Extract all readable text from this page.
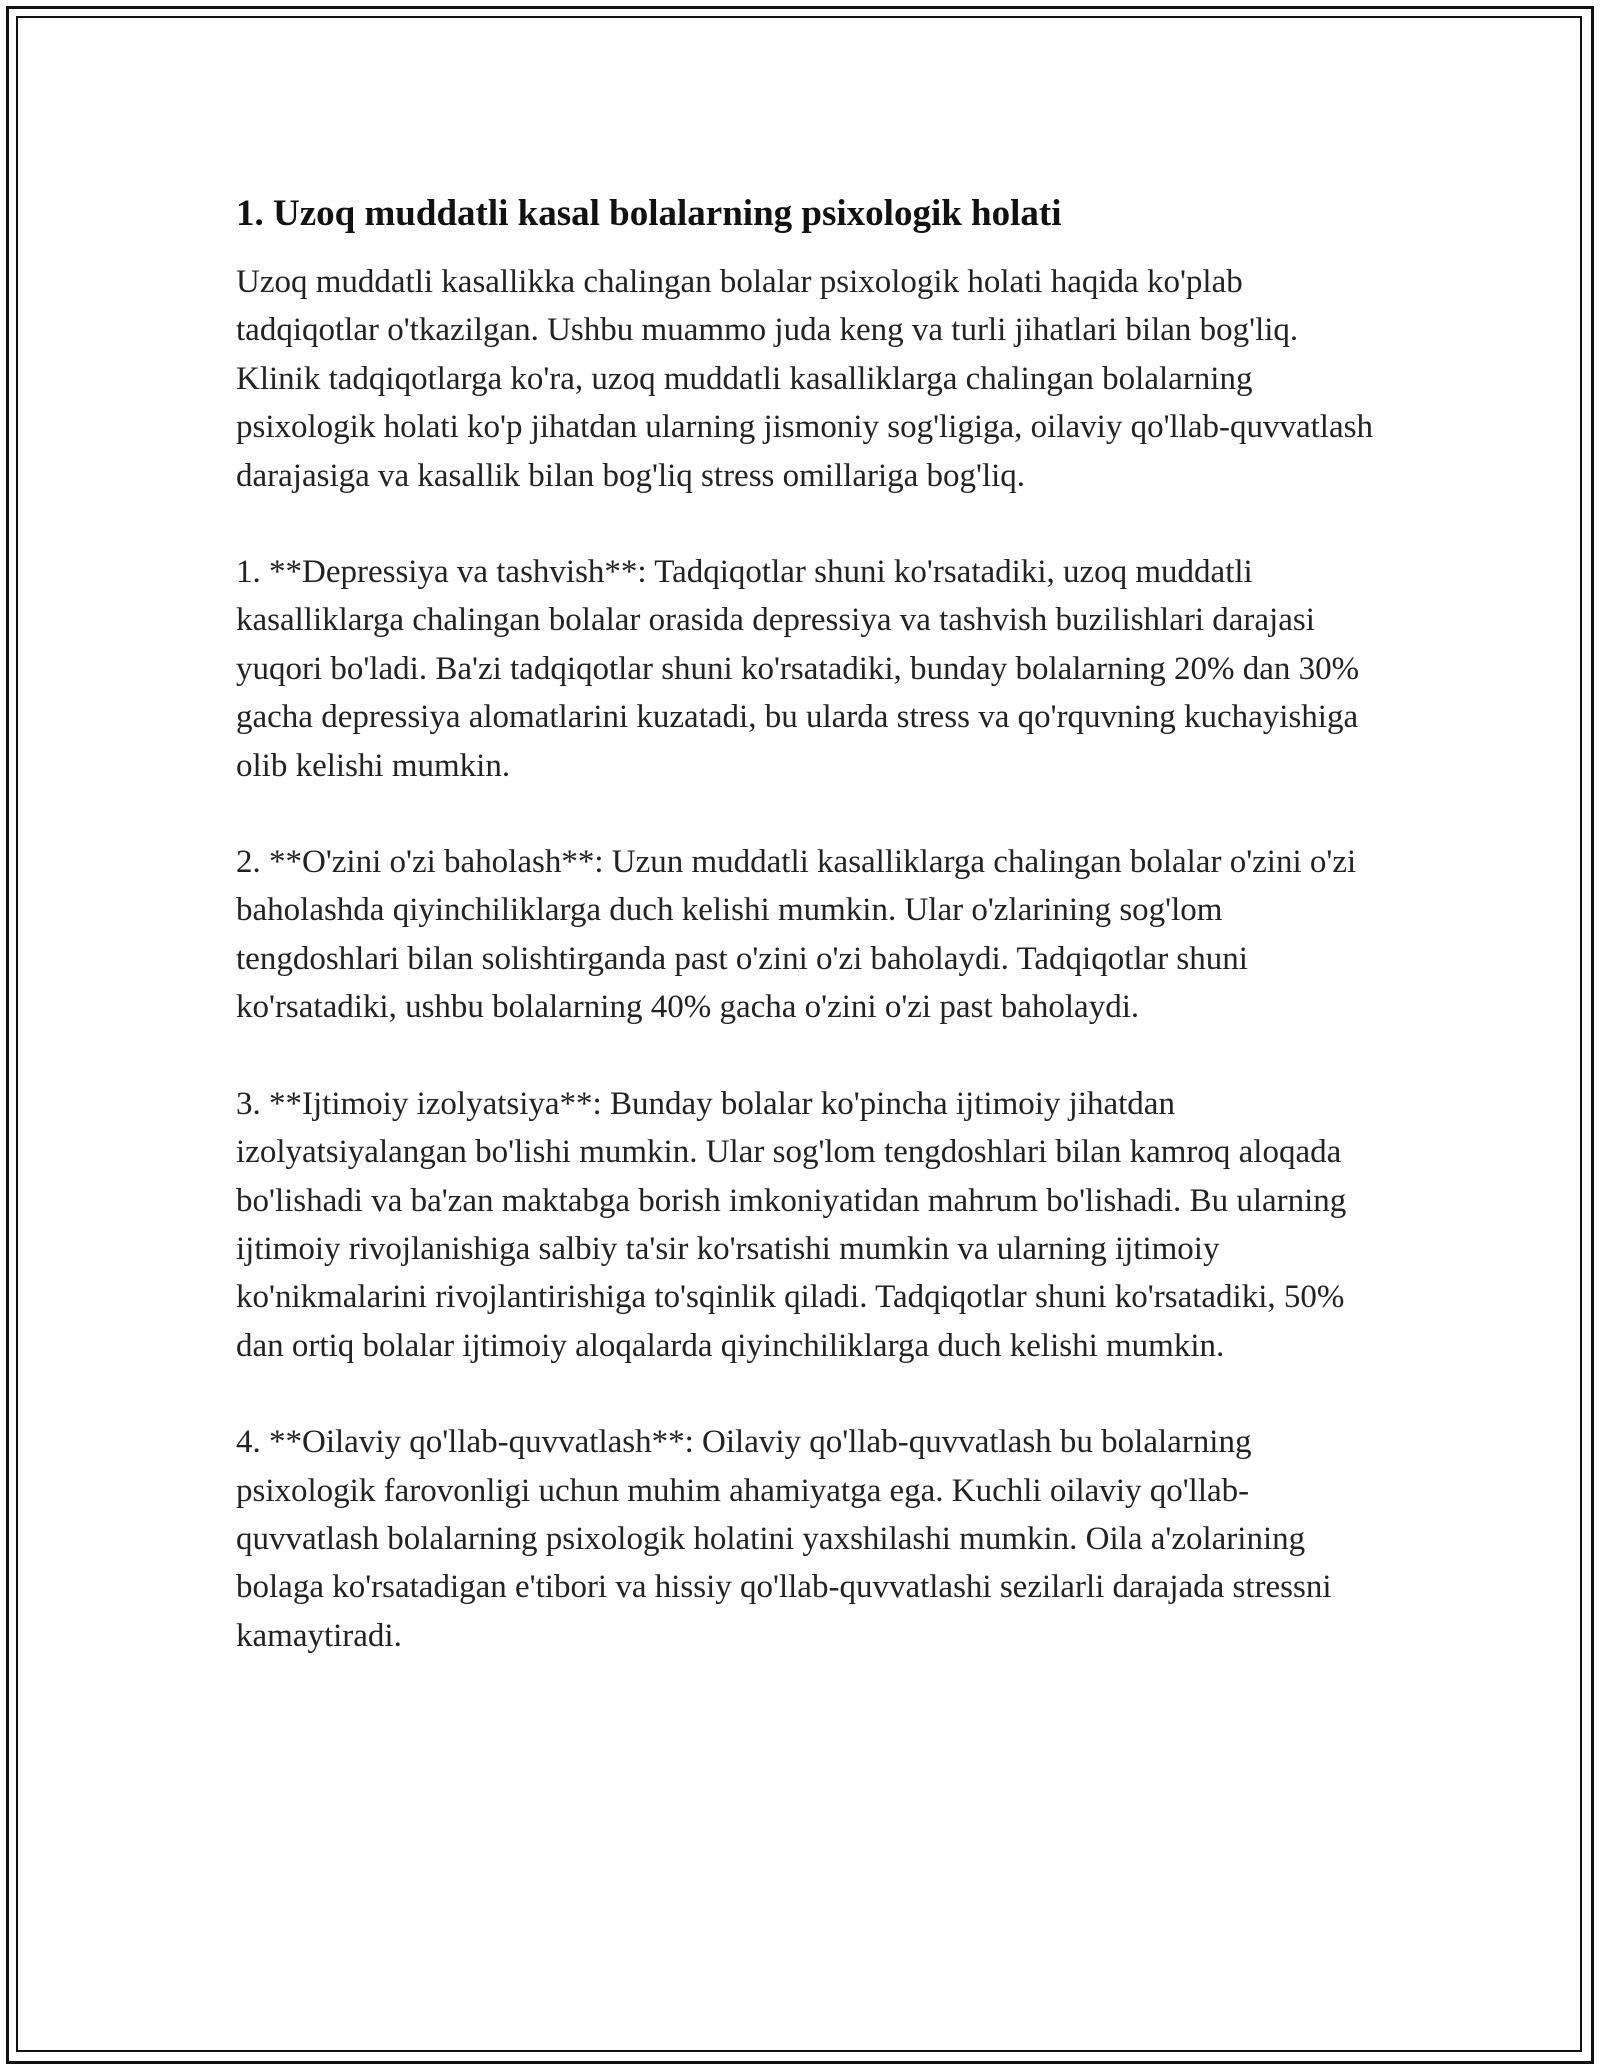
1. Uzoq muddatli kasal bolalarning psixologik holati

Uzoq muddatli kasallikka chalingan bolalar psixologik holati haqida ko'plab tadqiqotlar o'tkazilgan. Ushbu muammo juda keng va turli jihatlari bilan bog'liq. Klinik tadqiqotlarga ko'ra, uzoq muddatli kasalliklarga chalingan bolalarning psixologik holati ko'p jihatdan ularning jismoniy sog'ligiga, oilaviy qo'llab-quvvatlash darajasiga va kasallik bilan bog'liq stress omillariga bog'liq.

1. **Depressiya va tashvish**: Tadqiqotlar shuni ko'rsatadiki, uzoq muddatli kasalliklarga chalingan bolalar orasida depressiya va tashvish buzilishlari darajasi yuqori bo'ladi. Ba'zi tadqiqotlar shuni ko'rsatadiki, bunday bolalarning 20% dan 30% gacha depressiya alomatlarini kuzatadi, bu ularda stress va qo'rquvning kuchayishiga olib kelishi mumkin.

2. **O'zini o'zi baholash**: Uzun muddatli kasalliklarga chalingan bolalar o'zini o'zi baholashda qiyinchiliklarga duch kelishi mumkin. Ular o'zlarining sog'lom tengdoshlari bilan solishtirganda past o'zini o'zi baholaydi. Tadqiqotlar shuni ko'rsatadiki, ushbu bolalarning 40% gacha o'zini o'zi past baholaydi.

3. **Ijtimoiy izolyatsiya**: Bunday bolalar ko'pincha ijtimoiy jihatdan izolyatsiyalangan bo'lishi mumkin. Ular sog'lom tengdoshlari bilan kamroq aloqada bo'lishadi va ba'zan maktabga borish imkoniyatidan mahrum bo'lishadi. Bu ularning ijtimoiy rivojlanishiga salbiy ta'sir ko'rsatishi mumkin va ularning ijtimoiy ko'nikmalarini rivojlantirishiga to'sqinlik qiladi. Tadqiqotlar shuni ko'rsatadiki, 50% dan ortiq bolalar ijtimoiy aloqalarda qiyinchiliklarga duch kelishi mumkin.

4. **Oilaviy qo'llab-quvvatlash**: Oilaviy qo'llab-quvvatlash bu bolalarning psixologik farovonligi uchun muhim ahamiyatga ega. Kuchli oilaviy qo'llab-quvvatlash bolalarning psixologik holatini yaxshilashi mumkin. Oila a'zolarining bolaga ko'rsatadigan e'tibori va hissiy qo'llab-quvvatlashi sezilarli darajada stressni kamaytiradi.
